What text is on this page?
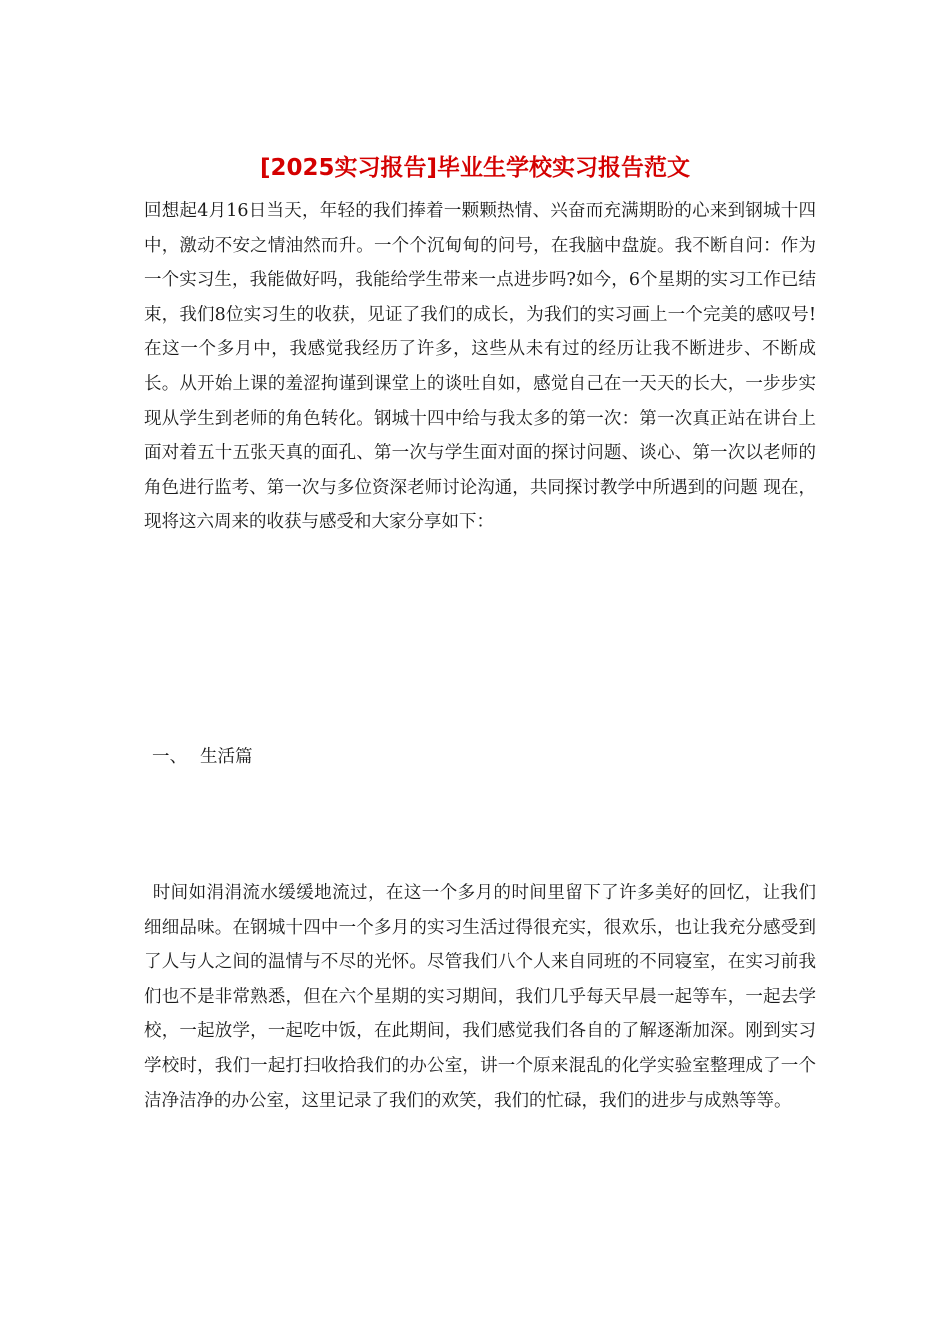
[2025实习报告]毕业生学校实习报告范文

回想起4月16日当天，年轻的我们捧着一颗颗热情、兴奋而充满期盼的心来到钢城十四中，激动不安之情油然而升。一个个沉甸甸的问号，在我脑中盘旋。我不断自问：作为一个实习生，我能做好吗，我能给学生带来一点进步吗?如今，6个星期的实习工作已结束，我们8位实习生的收获，见证了我们的成长，为我们的实习画上一个完美的感叹号!在这一个多月中，我感觉我经历了许多，这些从未有过的经历让我不断进步、不断成长。从开始上课的羞涩拘谨到课堂上的谈吐自如，感觉自己在一天天的长大，一步步实现从学生到老师的角色转化。钢城十四中给与我太多的第一次：第一次真正站在讲台上面对着五十五张天真的面孔、第一次与学生面对面的探讨问题、谈心、第一次以老师的角色进行监考、第一次与多位资深老师讨论沟通，共同探讨教学中所遇到的问题 现在，现将这六周来的收获与感受和大家分享如下：

一、 生活篇

时间如涓涓流水缓缓地流过，在这一个多月的时间里留下了许多美好的回忆，让我们细细品味。在钢城十四中一个多月的实习生活过得很充实，很欢乐，也让我充分感受到了人与人之间的温情与不尽的光怀。尽管我们八个人来自同班的不同寝室，在实习前我们也不是非常熟悉，但在六个星期的实习期间，我们几乎每天早晨一起等车，一起去学校，一起放学，一起吃中饭，在此期间，我们感觉我们各自的了解逐渐加深。刚到实习学校时，我们一起打扫收拾我们的办公室，讲一个原来混乱的化学实验室整理成了一个洁净洁净的办公室，这里记录了我们的欢笑，我们的忙碌，我们的进步与成熟等等。
